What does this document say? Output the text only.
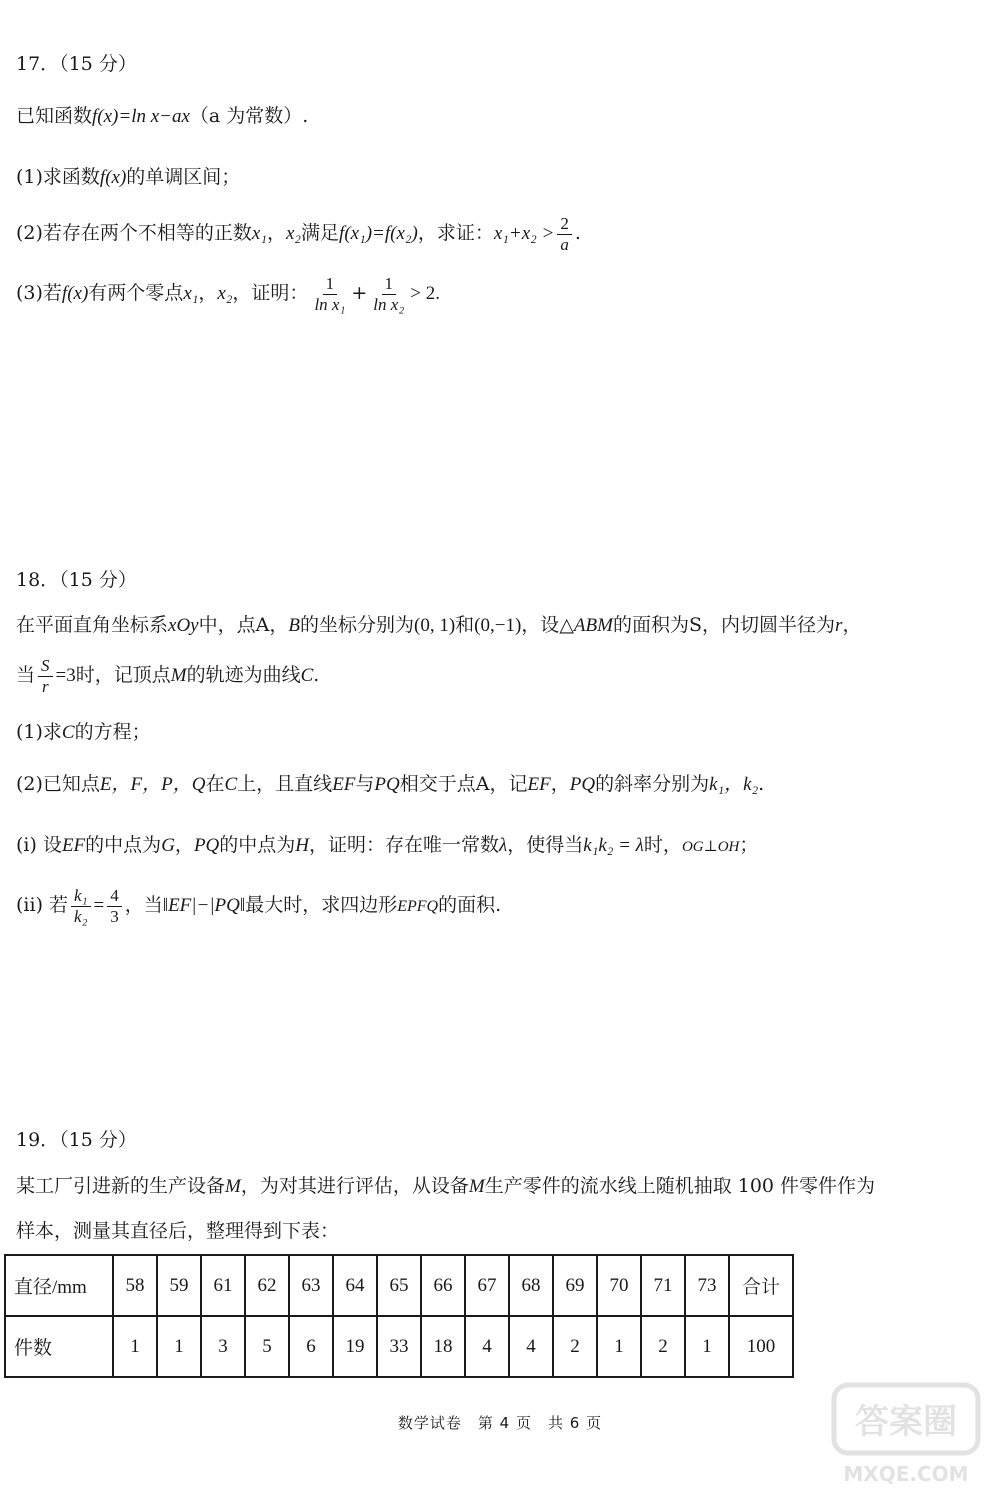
17．（15 分）
已知函数f(x)=ln x−ax（a 为常数）.
(1)求函数f(x)的单调区间；
(2)若存在两个不相等的正数x₁，x₂满足f(x₁)=f(x₂)，求证：$x_1+x_2 > \frac{2}{a}$ .
(3)若f(x)有两个零点x₁，x₂，证明： $\frac{1}{\text{ln x₁}} + \frac{1}{\text{ln x₂}} > 2$.
18．（15 分）
在平面直角坐标系xOy中，点A，B的坐标分别为(0, 1)和(0,−1)，设△ABM的面积为S，内切圆半径为r，
当 $\frac{S}{r} =3$时，记顶点M的轨迹为曲线C.
(1)求C的方程；
(2)已知点E，F，P，Q在C上，且直线EF与PQ相交于点A，记EF，PQ的斜率分别为k₁，k₂.
(i) 设EF的中点为G，PQ的中点为H，证明：存在唯一常数λ，使得当k₁k₂ = λ时，OG⊥OH；
(ii) 若 $\frac{\text{k₁}}{\text{k₂}} = \frac{4}{3}$ ，当‖EF|−|PQ‖最大时，求四边形EPFQ的面积.
19．（15 分）
某工厂引进新的生产设备M，为对其进行评估，从设备M生产零件的流水线上随机抽取 100 件零件作为
样本，测量其直径后，整理得到下表：
直径/mm	58	59	61	62	63	64	65	66	67	68	69	70	71	73	合计
件数	1	1	3	5	6	19	33	18	4	4	2	1	2	1	100
数学试卷　第 4 页　共 6 页	答案圈
MXQE.COM
